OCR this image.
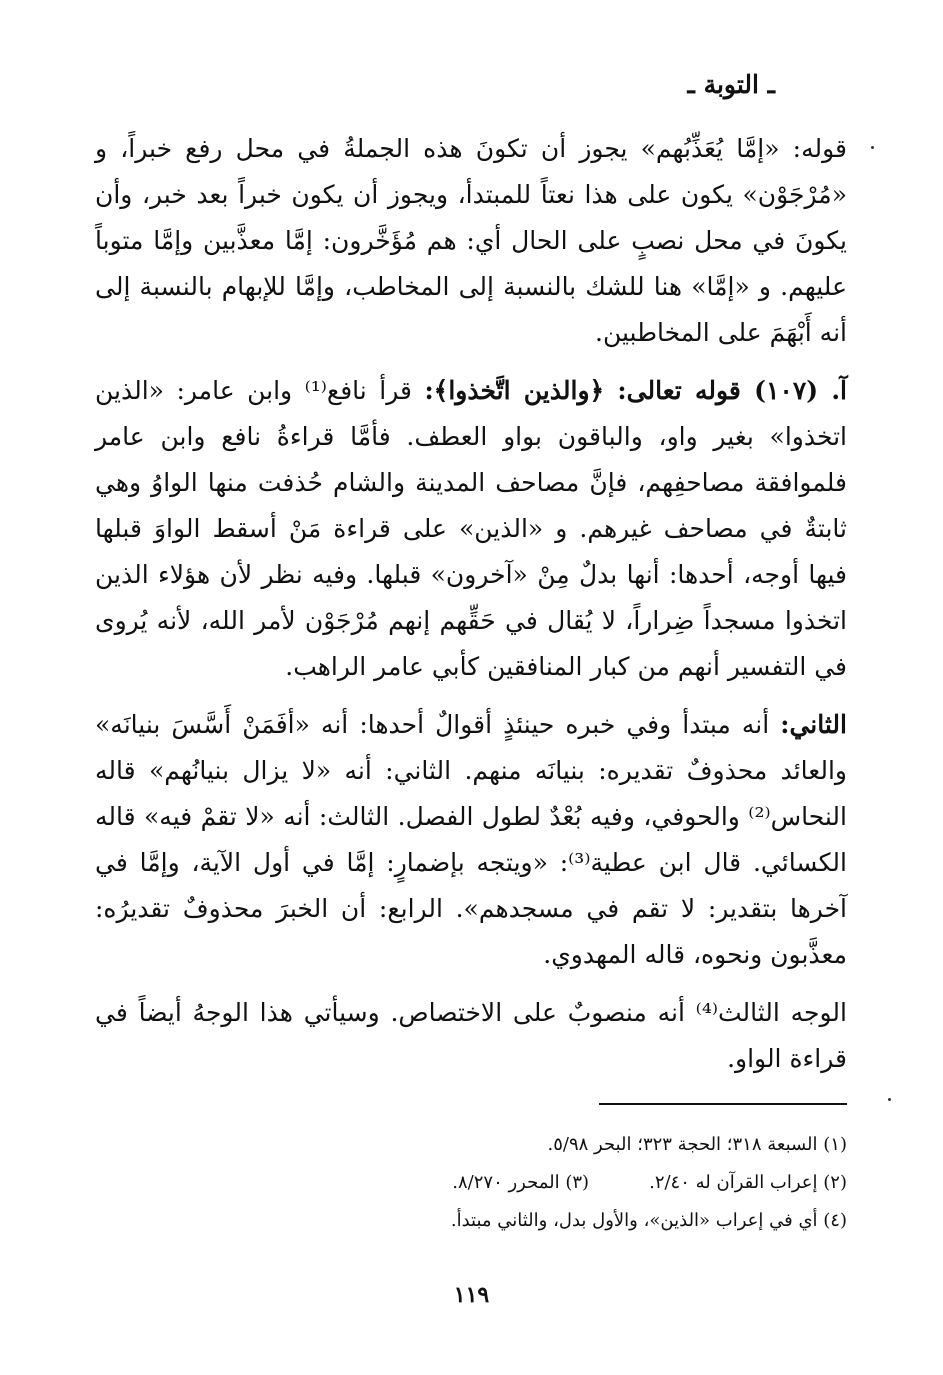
ـ التوبة ـ

قوله: «إمَّا يُعَذِّبُهم» يجوز أن تكونَ هذه الجملةُ في محل رفع خبراً، و «مُرْجَوْن» يكون على هذا نعتاً للمبتدأ، ويجوز أن يكون خبراً بعد خبر، وأن يكونَ في محل نصبٍ على الحال أي: هم مُؤَخَّرون: إمَّا معذَّبين وإمَّا متوباً عليهم. و «إمَّا» هنا للشك بالنسبة إلى المخاطب، وإمَّا للإبهام بالنسبة إلى أنه أَبْهَمَ على المخاطبين.

آ. (١٠٧) قوله تعالى: ﴿والذين اتَّخذوا﴾: قرأ نافع⁽¹⁾ وابن عامر: «الذين اتخذوا» بغير واو، والباقون بواو العطف. فأمَّا قراءةُ نافع وابن عامر فلموافقة مصاحفِهم، فإنَّ مصاحف المدينة والشام حُذفت منها الواوُ وهي ثابتةٌ في مصاحف غيرهم. و «الذين» على قراءة مَنْ أسقط الواوَ قبلها فيها أوجه، أحدها: أنها بدلٌ مِنْ «آخرون» قبلها. وفيه نظر لأن هؤلاء الذين اتخذوا مسجداً ضِراراً، لا يُقال في حَقِّهم إنهم مُرْجَوْن لأمر الله، لأنه يُروى في التفسير أنهم من كبار المنافقين كأبي عامر الراهب.

الثاني: أنه مبتدأ وفي خبره حينئذٍ أقوالٌ أحدها: أنه «أفَمَنْ أَسَّسَ بنيانَه» والعائد محذوفٌ تقديره: بنيانَه منهم. الثاني: أنه «لا يزال بنيانُهم» قاله النحاس⁽²⁾ والحوفي، وفيه بُعْدٌ لطول الفصل. الثالث: أنه «لا تقمْ فيه» قاله الكسائي. قال ابن عطية⁽³⁾: «ويتجه بإضمارٍ: إمَّا في أول الآية، وإمَّا في آخرها بتقدير: لا تقم في مسجدهم». الرابع: أن الخبرَ محذوفٌ تقديرُه: معذَّبون ونحوه، قاله المهدوي.

الوجه الثالث⁽⁴⁾ أنه منصوبٌ على الاختصاص. وسيأتي هذا الوجهُ أيضاً في قراءة الواو.

(١) السبعة ٣١٨؛ الحجة ٣٢٣؛ البحر ٥/٩٨.
(٢) إعراب القرآن له ٢/٤٠.
(٣) المحرر ٨/٢٧٠.
(٤) أي في إعراب «الذين»، والأول بدل، والثاني مبتدأ.
١١٩
